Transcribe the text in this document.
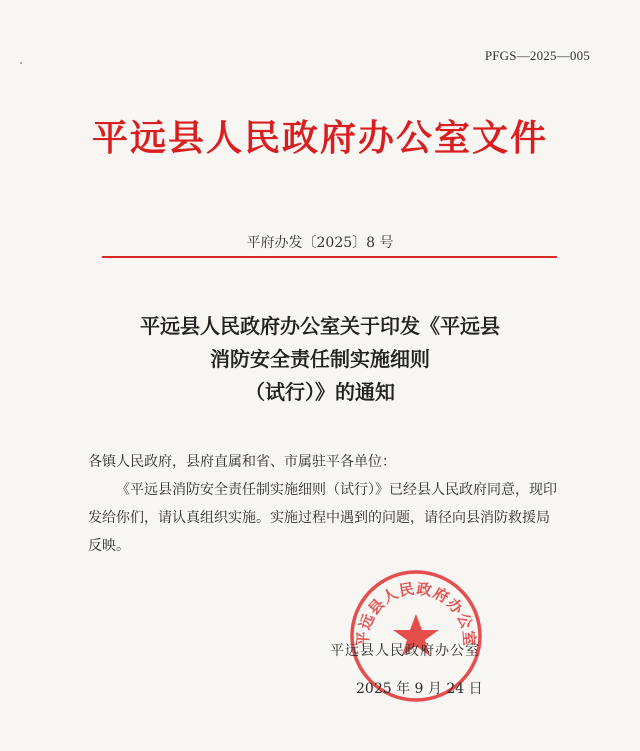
PFGS—2025—005
平远县人民政府办公室文件
平府办发〔2025〕8 号
平远县人民政府办公室关于印发《平远县
消防安全责任制实施细则
（试行）》的通知

各镇人民政府，县府直属和省、市属驻平各单位：

《平远县消防安全责任制实施细则（试行）》已经县人民政府同意，现印发给你们，请认真组织实施。实施过程中遇到的问题，请径向县消防救援局反映。

平远县人民政府办公室
平远县人民政府办公室
2025 年 9 月 24 日
